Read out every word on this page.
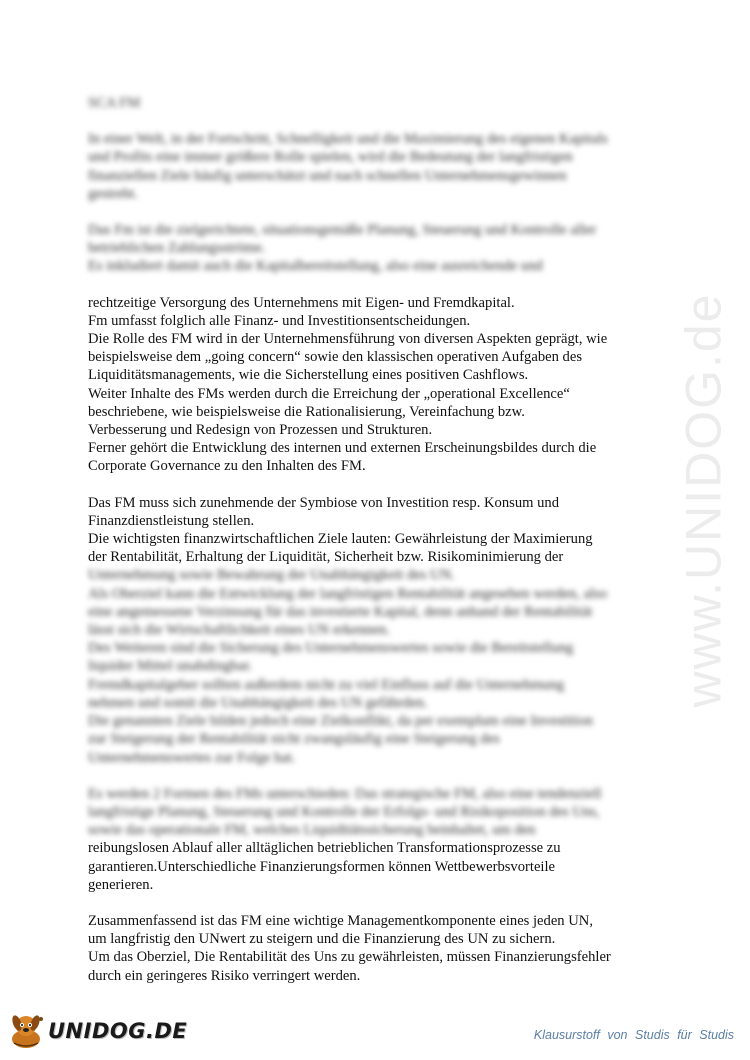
www.UNIDOG.de
SCA FM
In einer Welt, in der Fortschritt, Schnelligkeit und die Maximierung des eigenen Kapitals
und Profits eine immer größere Rolle spielen, wird die Bedeutung der langfristigen
finanziellen Ziele häufig unterschätzt und nach schnellen Unternehmensgewinnen
gestrebt.
Das Fm ist die zielgerichtete, situationsgemäße Planung, Steuerung und Kontrolle aller
betrieblichen Zahlungsströme.
Es inkludiert damit auch die Kapitalbereitstellung, also eine ausreichende und
rechtzeitige Versorgung des Unternehmens mit Eigen- und Fremdkapital.
Fm umfasst folglich alle Finanz- und Investitionsentscheidungen.
Die Rolle des FM wird in der Unternehmensführung von diversen Aspekten geprägt, wie
beispielsweise dem „going concern“ sowie den klassischen operativen Aufgaben des
Liquiditätsmanagements, wie die Sicherstellung eines positiven Cashflows.
Weiter Inhalte des FMs werden durch die Erreichung der „operational Excellence“
beschriebene, wie beispielsweise die Rationalisierung, Vereinfachung bzw.
Verbesserung und Redesign von Prozessen und Strukturen.
Ferner gehört die Entwicklung des internen und externen Erscheinungsbildes durch die
Corporate Governance zu den Inhalten des FM.
Das FM muss sich zunehmende der Symbiose von Investition resp. Konsum und
Finanzdienstleistung stellen.
Die wichtigsten finanzwirtschaftlichen Ziele lauten: Gewährleistung der Maximierung
der Rentabilität, Erhaltung der Liquidität, Sicherheit bzw. Risikominimierung der
Unternehmung sowie Bewahrung der Unabhängigkeit des UN.
Als Oberziel kann die Entwicklung der langfristigen Rentabilität angesehen werden, also
eine angemessene Verzinsung für das investierte Kapital, denn anhand der Rentabilität
lässt sich die Wirtschaftlichkeit eines UN erkennen.
Des Weiteren sind die Sicherung des Unternehmenswertes sowie die Bereitstellung
liquider Mittel unabdingbar.
Fremdkapitalgeber sollten außerdem nicht zu viel Einfluss auf die Unternehmung
nehmen und somit die Unabhängigkeit des UN gefährden.
Die genannten Ziele bilden jedoch eine Zielkonflikt, da per exemplum eine Investition
zur Steigerung der Rentabilität nicht zwangsläufig eine Steigerung des
Unternehmenswertes zur Folge hat.
Es werden 2 Formen des FMs unterschieden: Das strategische FM, also eine tendenziell
langfristige Planung, Steuerung und Kontrolle der Erfolgs- und Risikoposition des Uns,
sowie das operationale FM, welches Liquiditätssicherung beinhaltet, um den
reibungslosen Ablauf aller alltäglichen betrieblichen Transformationsprozesse zu
garantieren.Unterschiedliche Finanzierungsformen können Wettbewerbsvorteile
generieren.
Zusammenfassend ist das FM eine wichtige Managementkomponente eines jeden UN,
um langfristig den UNwert zu steigern und die Finanzierung des UN zu sichern.
Um das Oberziel, Die Rentabilität des Uns zu gewährleisten, müssen Finanzierungsfehler
durch ein geringeres Risiko verringert werden.
UNIDOG.DE	Klausurstoff von Studis für Studis
